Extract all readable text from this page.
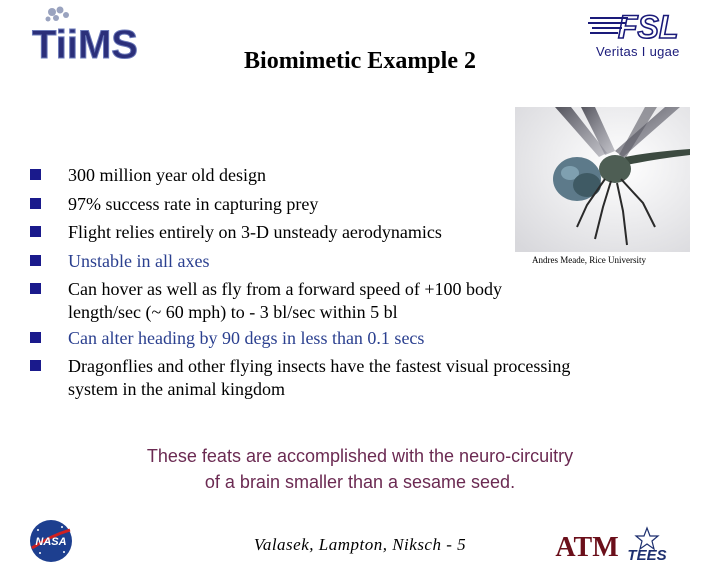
TiiMS	FSL
Veritas I ugae
Biomimetic Example 2
Andres Meade, Rice University
300 million year old design
97% success rate in capturing prey
Flight relies entirely on 3-D unsteady aerodynamics
Unstable in all axes
Can hover as well as fly from a forward speed of +100 body
length/sec (~ 60 mph) to - 3 bl/sec within 5 bl
Can alter heading by 90 degs in less than 0.1 secs
Dragonflies and other flying insects have the fastest visual processing
system in the animal kingdom
These feats are accomplished with the neuro-circuitry
of a brain smaller than a sesame seed.
NASA	Valasek, Lampton, Niksch - 5	ATM TEES
